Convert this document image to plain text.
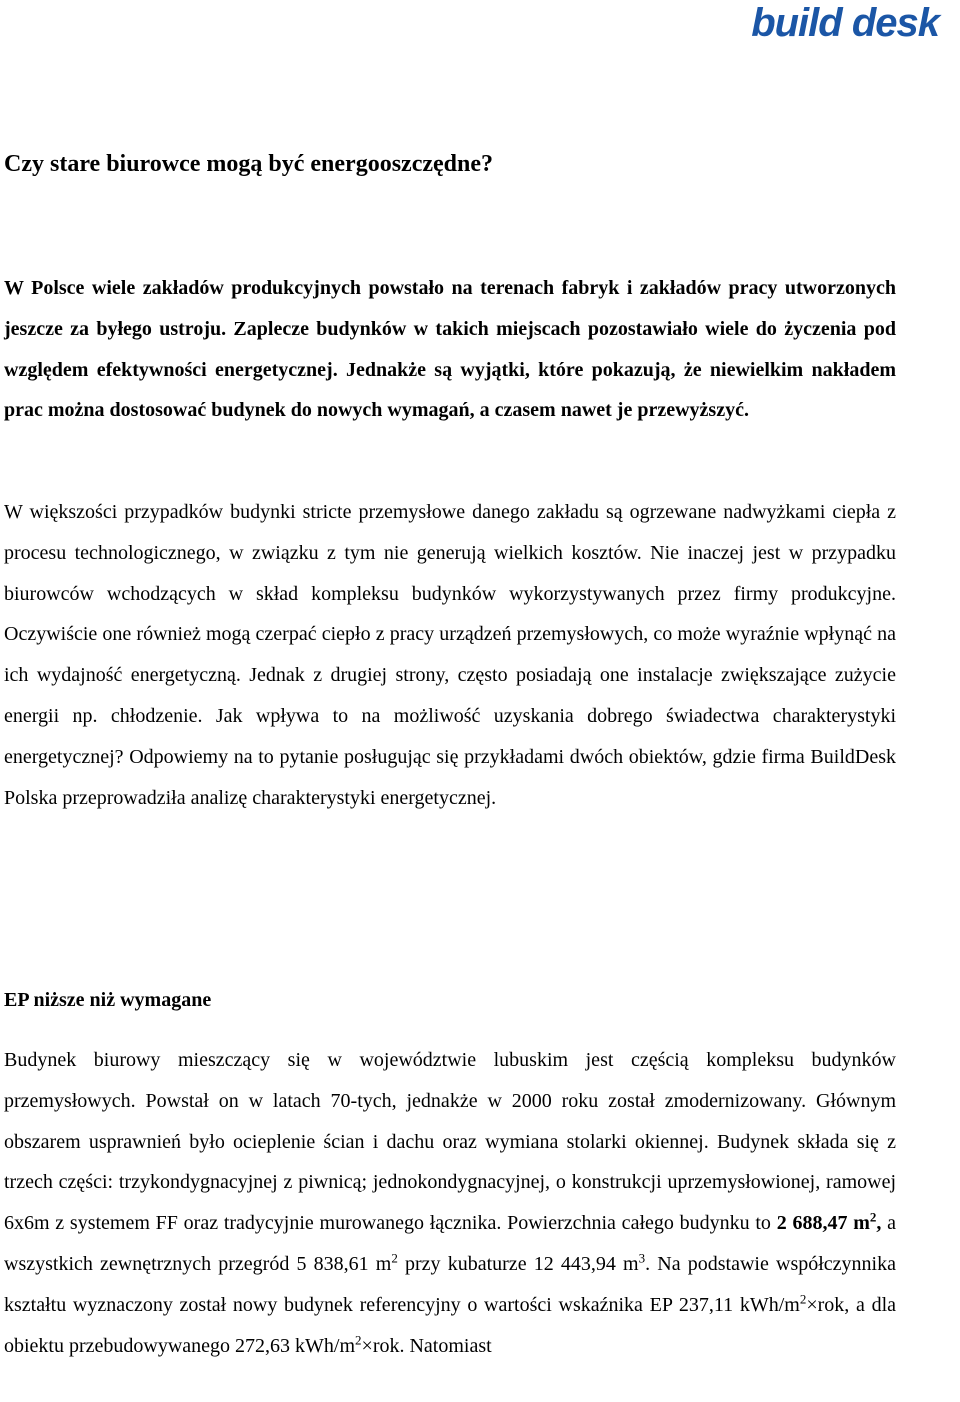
build desk
Czy stare biurowce mogą być energooszczędne?

W Polsce wiele zakładów produkcyjnych powstało na terenach fabryk i zakładów pracy utworzonych jeszcze za byłego ustroju. Zaplecze budynków w takich miejscach pozostawiało wiele do życzenia pod względem efektywności energetycznej. Jednakże są wyjątki, które pokazują, że niewielkim nakładem prac można dostosować budynek do nowych wymagań, a czasem nawet je przewyższyć.

W większości przypadków budynki stricte przemysłowe danego zakładu są ogrzewane nadwyżkami ciepła z procesu technologicznego, w związku z tym nie generują wielkich kosztów. Nie inaczej jest w przypadku biurowców wchodzących w skład kompleksu budynków wykorzystywanych przez firmy produkcyjne. Oczywiście one również mogą czerpać ciepło z pracy urządzeń przemysłowych, co może wyraźnie wpłynąć na ich wydajność energetyczną. Jednak z drugiej strony, często posiadają one instalacje zwiększające zużycie energii np. chłodzenie. Jak wpływa to na możliwość uzyskania dobrego świadectwa charakterystyki energetycznej? Odpowiemy na to pytanie posługując się przykładami dwóch obiektów, gdzie firma BuildDesk Polska przeprowadziła analizę charakterystyki energetycznej.

EP niższe niż wymagane

Budynek biurowy mieszczący się w województwie lubuskim jest częścią kompleksu budynków przemysłowych. Powstał on w latach 70-tych, jednakże w 2000 roku został zmodernizowany. Głównym obszarem usprawnień było ocieplenie ścian i dachu oraz wymiana stolarki okiennej. Budynek składa się z trzech części: trzykondygnacyjnej z piwnicą; jednokondygnacyjnej, o konstrukcji uprzemysłowionej, ramowej 6x6m z systemem FF oraz tradycyjnie murowanego łącznika. Powierzchnia całego budynku to 2 688,47 $m^2$, a wszystkich zewnętrznych przegród 5 838,61 $m^2$ przy kubaturze 12 443,94 $m^3$. Na podstawie współczynnika kształtu wyznaczony został nowy budynek referencyjny o wartości wskaźnika EP 237,11 kWh/$m^2\times rok$, a dla obiektu przebudowywanego 272,63 kWh/$m^2\times rok$. Natomiast
